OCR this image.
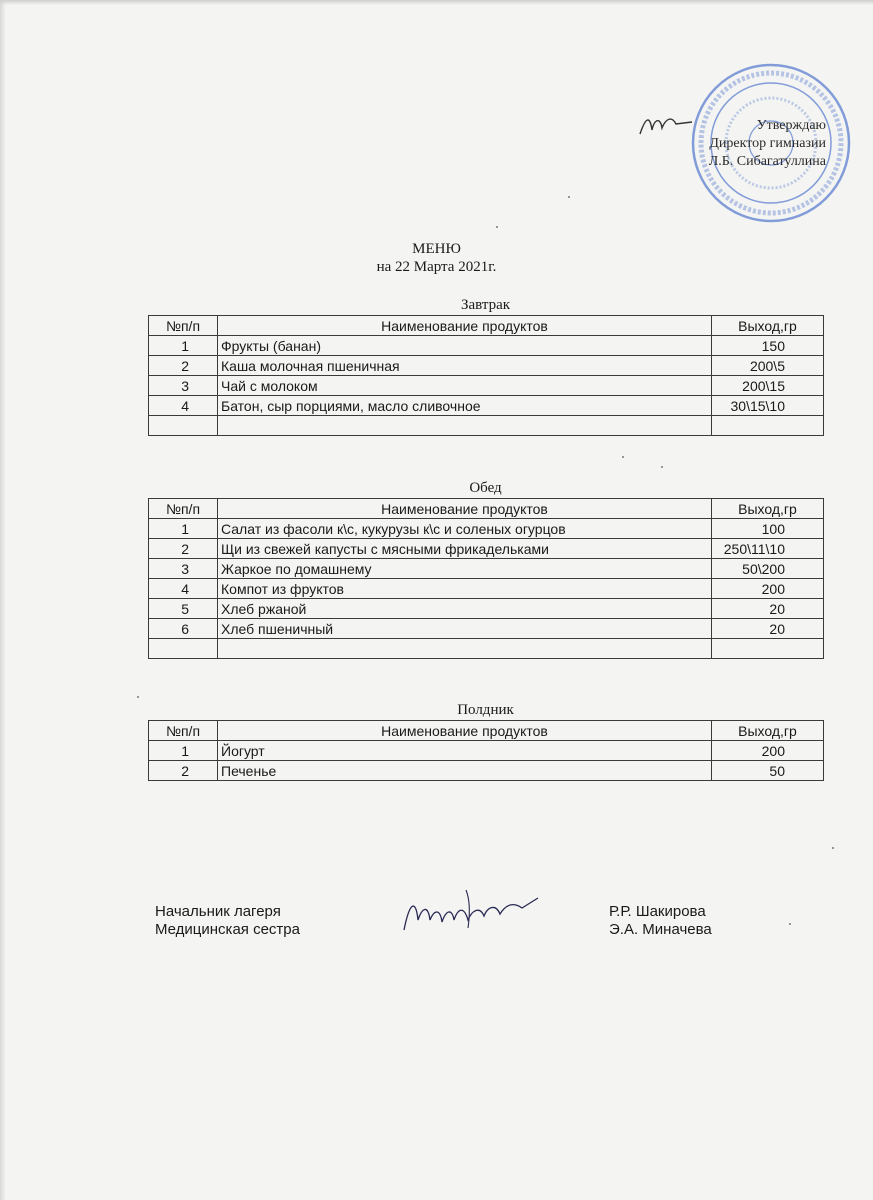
Утверждаю
Директор гимназии
Л.Б. Сибагатуллина
МЕНЮ
на 22 Марта 2021г.
Завтрак
№п/п	Наименование продуктов	Выход,гр
1	Фрукты (банан)	150
2	Каша молочная пшеничная	200\5
3	Чай с молоком	200\15
4	Батон, сыр порциями, масло сливочное	30\15\10

Обед
№п/п	Наименование продуктов	Выход,гр
1	Салат из фасоли к\с, кукурузы к\с и соленых огурцов	100
2	Щи из свежей капусты с мясными фрикадельками	250\11\10
3	Жаркое по домашнему	50\200
4	Компот из фруктов	200
5	Хлеб ржаной	20
6	Хлеб пшеничный	20

Полдник
№п/п	Наименование продуктов	Выход,гр
1	Йогурт	200
2	Печенье	50
Начальник лагеря	Р.Р. Шакирова
Медицинская сестра	Э.А. Миначева
